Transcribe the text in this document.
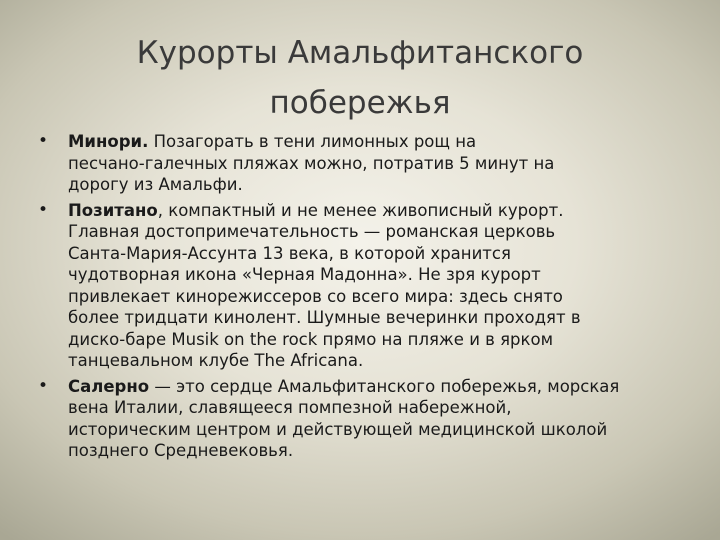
Курорты Амальфитанского
побережья
• Минори. Позагорать в тени лимонных рощ на
песчано-галечных пляжах можно, потратив 5 минут на
дорогу из Амальфи.
• Позитано, компактный и не менее живописный курорт.
Главная достопримечательность — романская церковь
Санта-Мария-Ассунта 13 века, в которой хранится
чудотворная икона «Черная Мадонна». Не зря курорт
привлекает кинорежиссеров со всего мира: здесь снято
более тридцати кинолент. Шумные вечеринки проходят в
диско-баре Musik on the rock прямо на пляже и в ярком
танцевальном клубе The Africana.
• Салерно — это сердце Амальфитанского побережья, морская
вена Италии, славящееся помпезной набережной,
историческим центром и действующей медицинской школой
позднего Средневековья.
